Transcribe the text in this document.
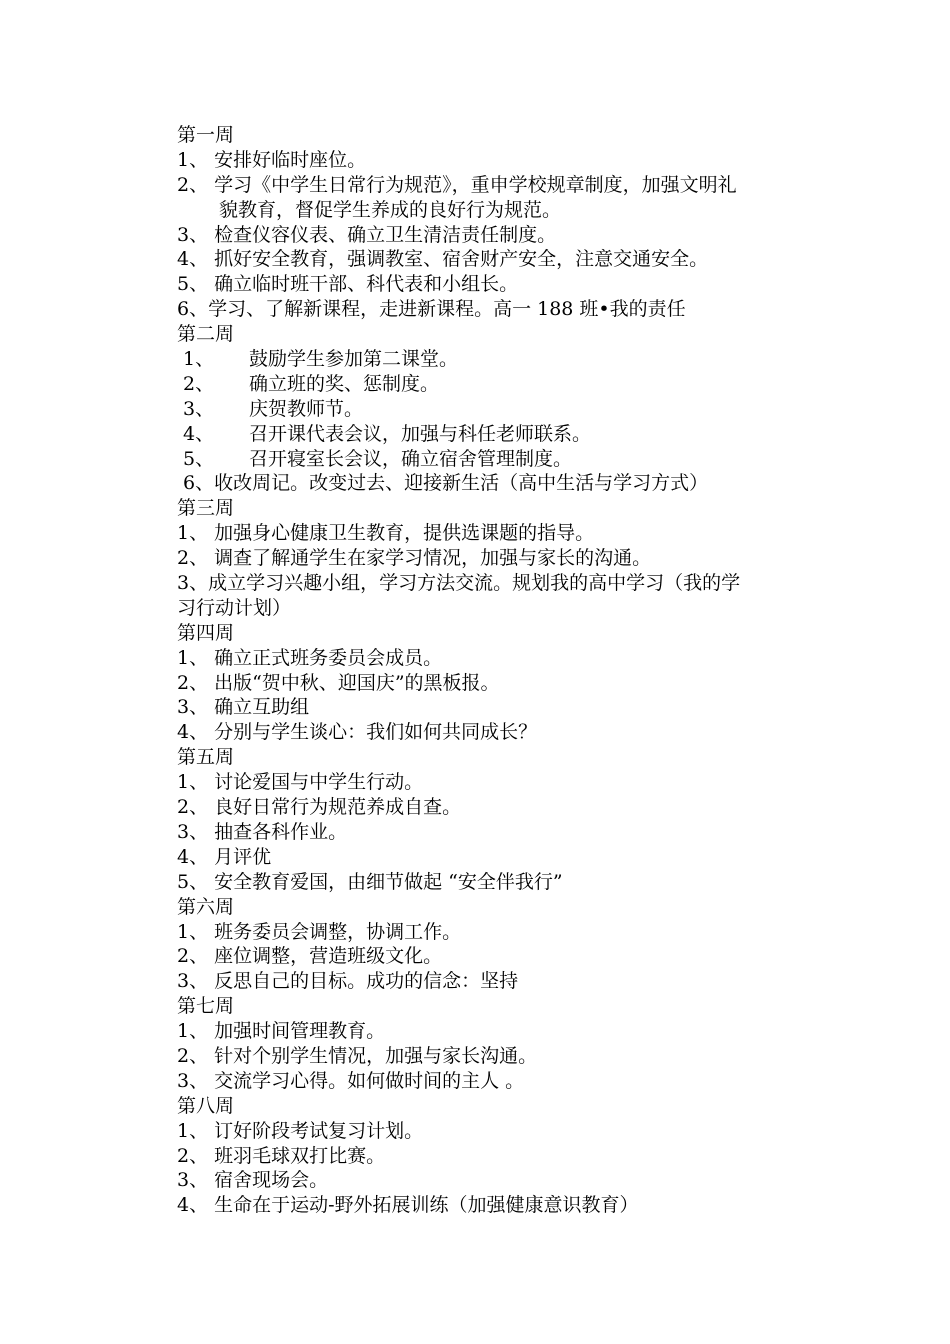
第一周
1、 安排好临时座位。
2、 学习《中学生日常行为规范》，重申学校规章制度，加强文明礼
貌教育，督促学生养成的良好行为规范。
3、 检查仪容仪表、确立卫生清洁责任制度。
4、 抓好安全教育，强调教室、宿舍财产安全，注意交通安全。
5、 确立临时班干部、科代表和小组长。
6、学习、了解新课程，走进新课程。高一 188 班•我的责任
第二周
1、 鼓励学生参加第二课堂。
2、 确立班的奖、惩制度。
3、 庆贺教师节。
4、 召开课代表会议，加强与科任老师联系。
5、 召开寝室长会议，确立宿舍管理制度。
6、收改周记。改变过去、迎接新生活（高中生活与学习方式）
第三周
1、 加强身心健康卫生教育，提供选课题的指导。
2、 调查了解通学生在家学习情况，加强与家长的沟通。
3、成立学习兴趣小组，学习方法交流。规划我的高中学习（我的学
习行动计划）
第四周
1、 确立正式班务委员会成员。
2、 出版“贺中秋、迎国庆”的黑板报。
3、 确立互助组
4、 分别与学生谈心：我们如何共同成长？
第五周
1、 讨论爱国与中学生行动。
2、 良好日常行为规范养成自查。
3、 抽查各科作业。
4、 月评优
5、 安全教育爱国，由细节做起 “安全伴我行”
第六周
1、 班务委员会调整，协调工作。
2、 座位调整，营造班级文化。
3、 反思自己的目标。成功的信念：坚持
第七周
1、 加强时间管理教育。
2、 针对个别学生情况，加强与家长沟通。
3、 交流学习心得。如何做时间的主人 。
第八周
1、 订好阶段考试复习计划。
2、 班羽毛球双打比赛。
3、 宿舍现场会。
4、 生命在于运动-野外拓展训练（加强健康意识教育）
